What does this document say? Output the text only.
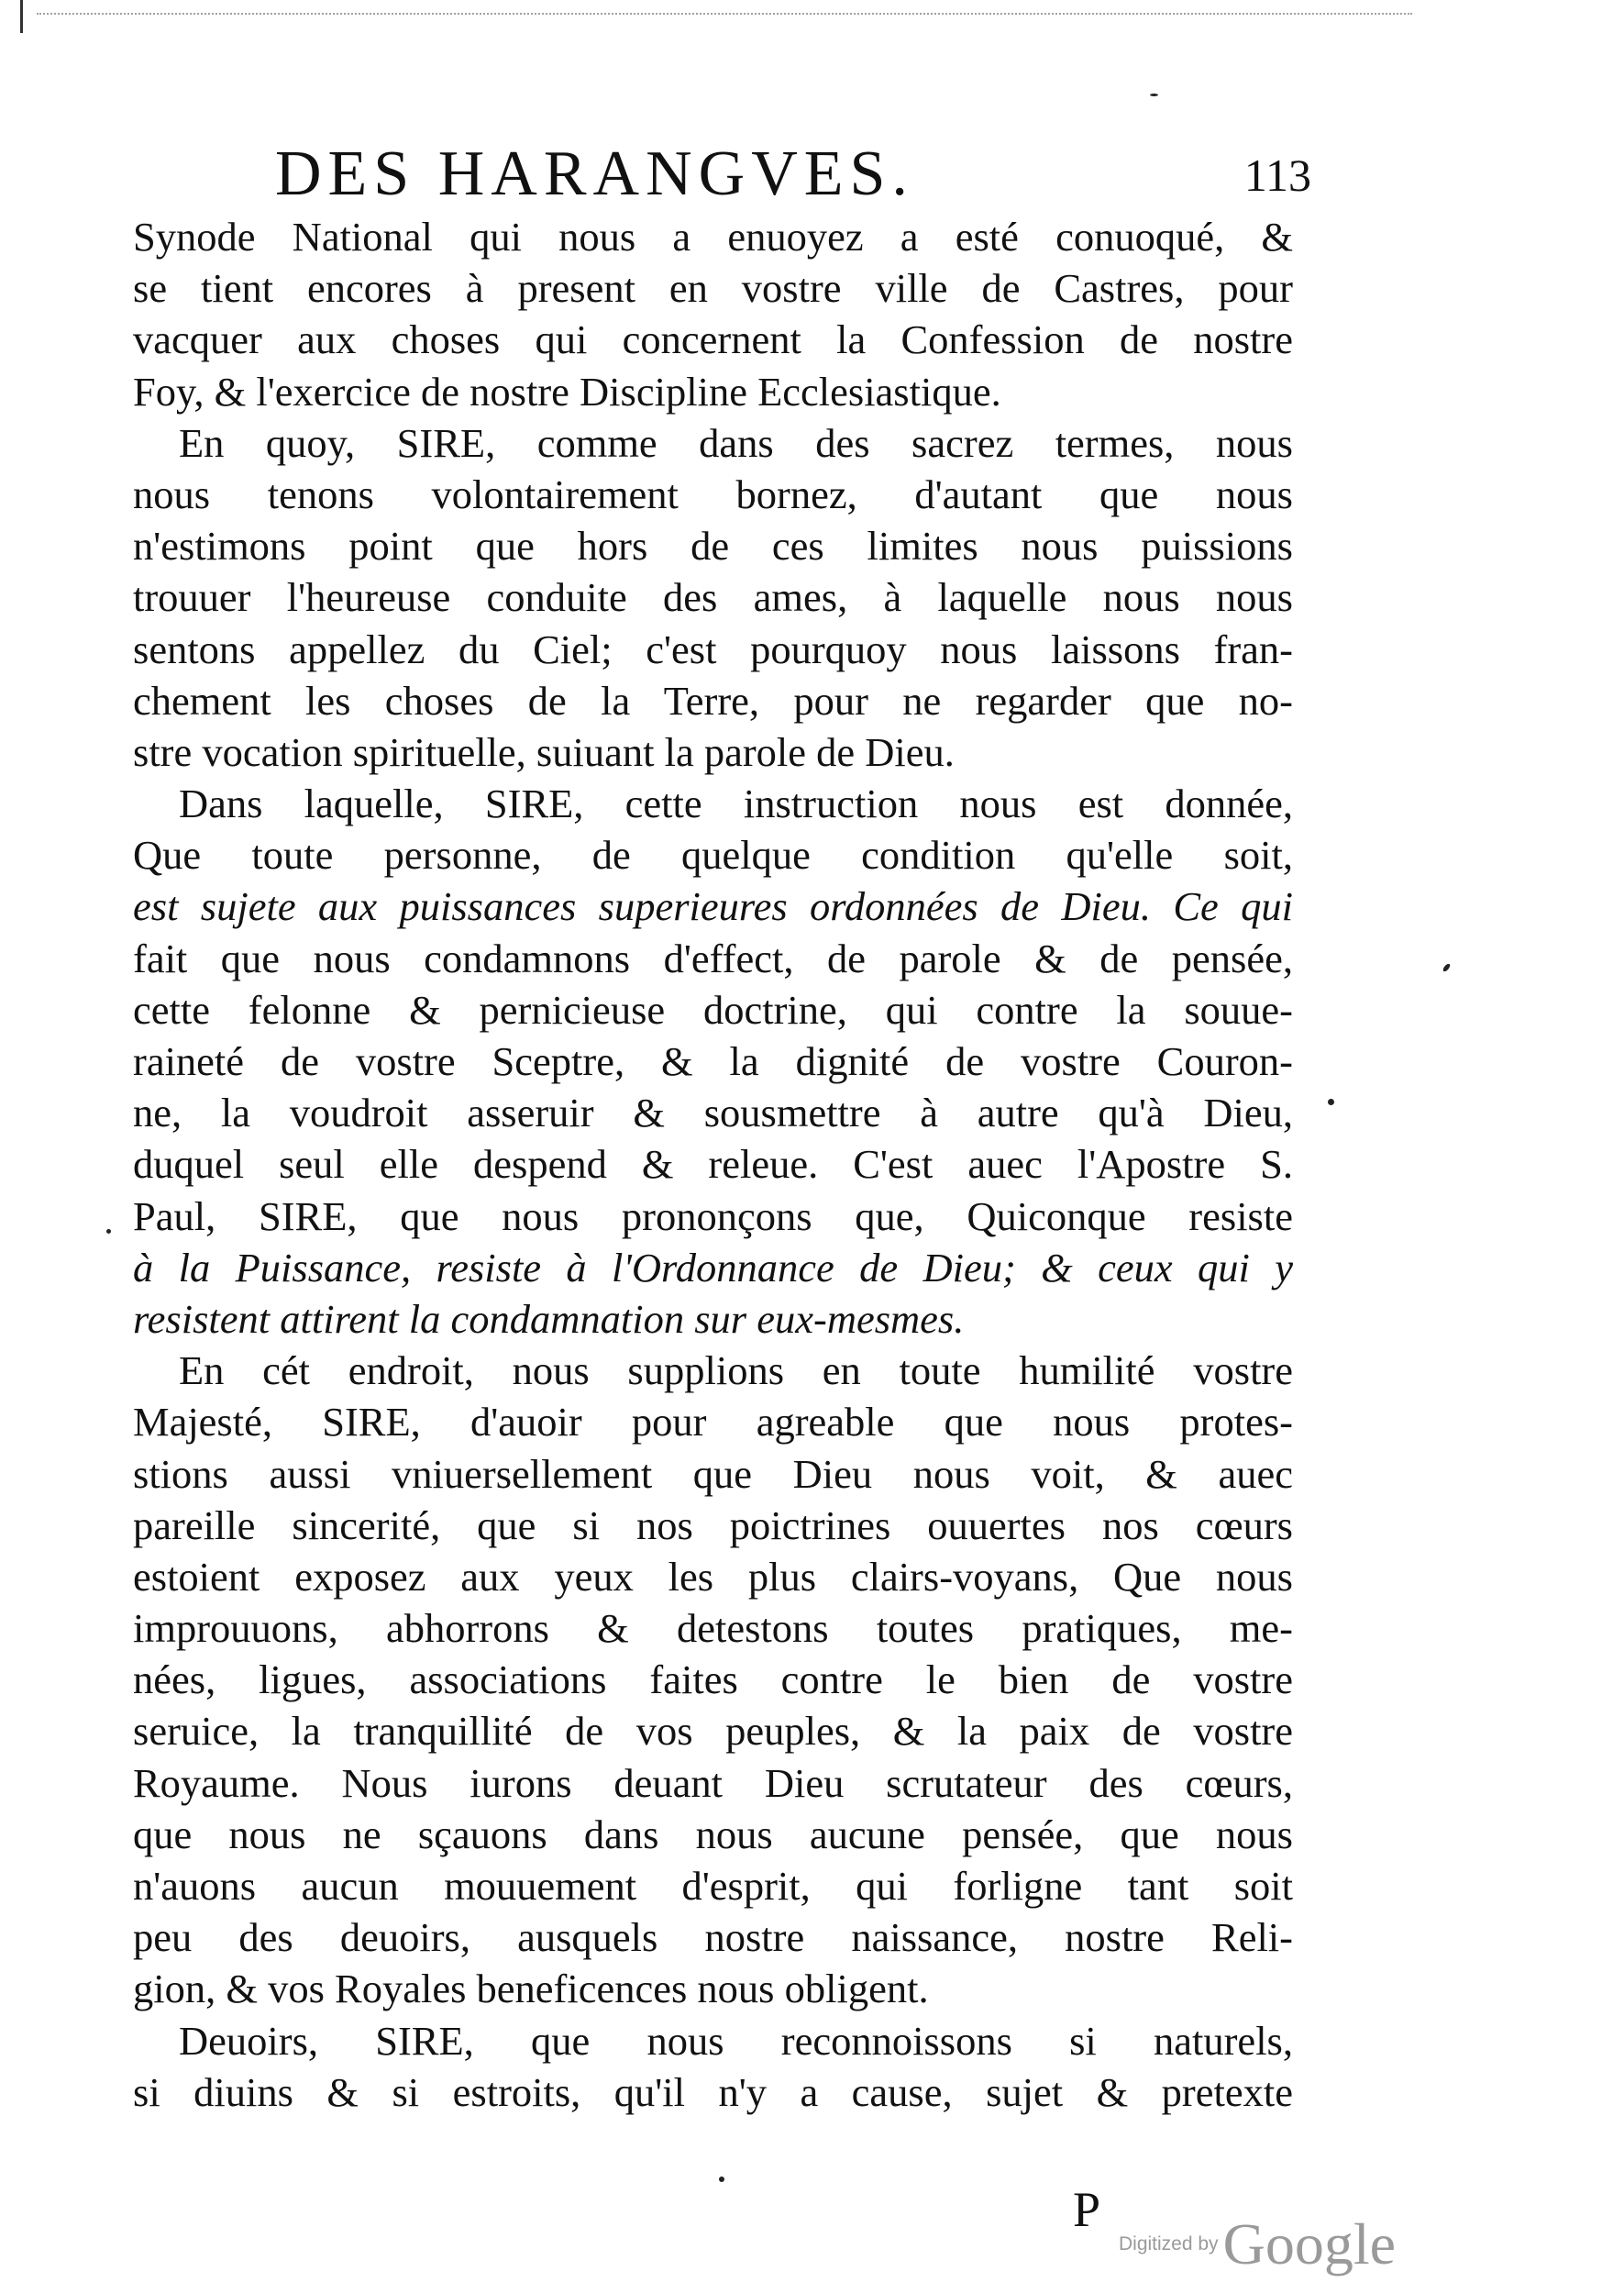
DES HARANGVES.	113
Synode National qui nous a enuoyez a esté conuoqué, &
se tient encores à present en vostre ville de Castres, pour
vacquer aux choses qui concernent la Confession de nostre
Foy, & l'exercice de nostre Discipline Ecclesiastique.
En quoy, SIRE, comme dans des sacrez termes, nous
nous tenons volontairement bornez, d'autant que nous
n'estimons point que hors de ces limites nous puissions
trouuer l'heureuse conduite des ames, à laquelle nous nous
sentons appellez du Ciel; c'est pourquoy nous laissons fran-
chement les choses de la Terre, pour ne regarder que no-
stre vocation spirituelle, suiuant la parole de Dieu.
Dans laquelle, SIRE, cette instruction nous est donnée,
Que toute personne, de quelque condition qu'elle soit,
est sujete aux puissances superieures ordonnées de Dieu. Ce qui
fait que nous condamnons d'effect, de parole & de pensée,
cette felonne & pernicieuse doctrine, qui contre la souue-
raineté de vostre Sceptre, & la dignité de vostre Couron-
ne, la voudroit asseruir & sousmettre à autre qu'à Dieu,
duquel seul elle despend & releue. C'est auec l'Apostre S.
Paul, SIRE, que nous prononçons que, Quiconque resiste
à la Puissance, resiste à l'Ordonnance de Dieu; & ceux qui y
resistent attirent la condamnation sur eux-mesmes.
En cét endroit, nous supplions en toute humilité vostre
Majesté, SIRE, d'auoir pour agreable que nous protes-
stions aussi vniuersellement que Dieu nous voit, & auec
pareille sincerité, que si nos poictrines ouuertes nos cœurs
estoient exposez aux yeux les plus clairs-voyans, Que nous
improuuons, abhorrons & detestons toutes pratiques, me-
nées, ligues, associations faites contre le bien de vostre
seruice, la tranquillité de vos peuples, & la paix de vostre
Royaume. Nous iurons deuant Dieu scrutateur des cœurs,
que nous ne sçauons dans nous aucune pensée, que nous
n'auons aucun mouuement d'esprit, qui forligne tant soit
peu des deuoirs, ausquels nostre naissance, nostre Reli-
gion, & vos Royales beneficences nous obligent.
Deuoirs, SIRE, que nous reconnoissons si naturels,
si diuins & si estroits, qu'il n'y a cause, sujet & pretexte
P
Digitized by Google
